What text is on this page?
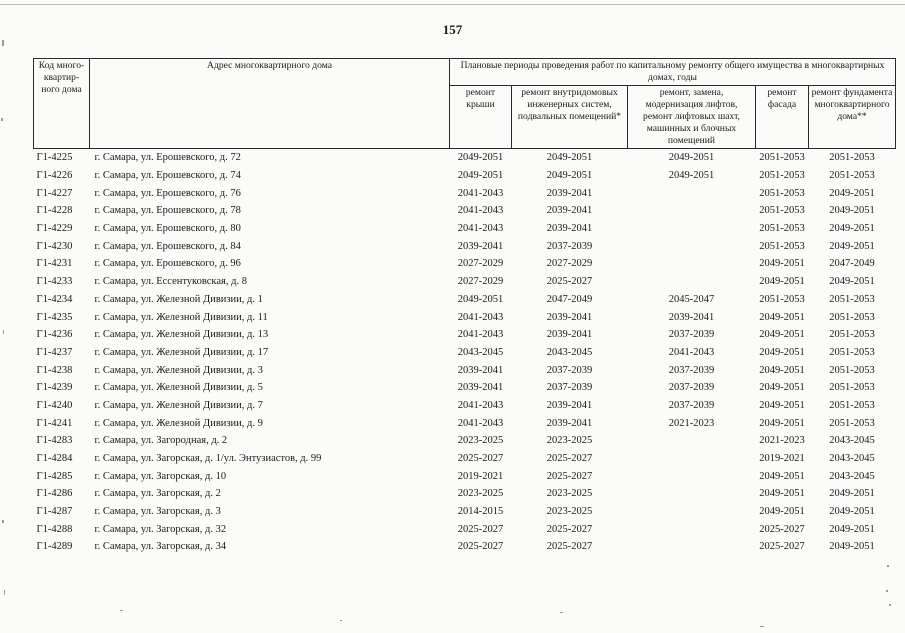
157
Код много-квартир-ного дома	Адрес многоквартирного дома	Плановые периоды проведения работ по капитальному ремонту общего имущества в многоквартирных домах, годы				
		ремонт крыши	ремонт внутридомовых инженерных систем, подвальных помещений*	ремонт, замена, модернизация лифтов, ремонт лифтовых шахт, машинных и блочных помещений	ремонт фасада	ремонт фундамента многоквартирного дома**
Г1-4225	г. Самара, ул. Ерошевского, д. 72	2049-2051	2049-2051	2049-2051	2051-2053	2051-2053
Г1-4226	г. Самара, ул. Ерошевского, д. 74	2049-2051	2049-2051	2049-2051	2051-2053	2051-2053
Г1-4227	г. Самара, ул. Ерошевского, д. 76	2041-2043	2039-2041		2051-2053	2049-2051
Г1-4228	г. Самара, ул. Ерошевского, д. 78	2041-2043	2039-2041		2051-2053	2049-2051
Г1-4229	г. Самара, ул. Ерошевского, д. 80	2041-2043	2039-2041		2051-2053	2049-2051
Г1-4230	г. Самара, ул. Ерошевского, д. 84	2039-2041	2037-2039		2051-2053	2049-2051
Г1-4231	г. Самара, ул. Ерошевского, д. 96	2027-2029	2027-2029		2049-2051	2047-2049
Г1-4233	г. Самара, ул. Ессентуковская, д. 8	2027-2029	2025-2027		2049-2051	2049-2051
Г1-4234	г. Самара, ул. Железной Дивизии, д. 1	2049-2051	2047-2049	2045-2047	2051-2053	2051-2053
Г1-4235	г. Самара, ул. Железной Дивизии, д. 11	2041-2043	2039-2041	2039-2041	2049-2051	2051-2053
Г1-4236	г. Самара, ул. Железной Дивизии, д. 13	2041-2043	2039-2041	2037-2039	2049-2051	2051-2053
Г1-4237	г. Самара, ул. Железной Дивизии, д. 17	2043-2045	2043-2045	2041-2043	2049-2051	2051-2053
Г1-4238	г. Самара, ул. Железной Дивизии, д. 3	2039-2041	2037-2039	2037-2039	2049-2051	2051-2053
Г1-4239	г. Самара, ул. Железной Дивизии, д. 5	2039-2041	2037-2039	2037-2039	2049-2051	2051-2053
Г1-4240	г. Самара, ул. Железной Дивизии, д. 7	2041-2043	2039-2041	2037-2039	2049-2051	2051-2053
Г1-4241	г. Самара, ул. Железной Дивизии, д. 9	2041-2043	2039-2041	2021-2023	2049-2051	2051-2053
Г1-4283	г. Самара, ул. Загородная, д. 2	2023-2025	2023-2025		2021-2023	2043-2045
Г1-4284	г. Самара, ул. Загорская, д. 1/ул. Энтузиастов, д. 99	2025-2027	2025-2027		2019-2021	2043-2045
Г1-4285	г. Самара, ул. Загорская, д. 10	2019-2021	2025-2027		2049-2051	2043-2045
Г1-4286	г. Самара, ул. Загорская, д. 2	2023-2025	2023-2025		2049-2051	2049-2051
Г1-4287	г. Самара, ул. Загорская, д. 3	2014-2015	2023-2025		2049-2051	2049-2051
Г1-4288	г. Самара, ул. Загорская, д. 32	2025-2027	2025-2027		2025-2027	2049-2051
Г1-4289	г. Самара, ул. Загорская, д. 34	2025-2027	2025-2027		2025-2027	2049-2051
